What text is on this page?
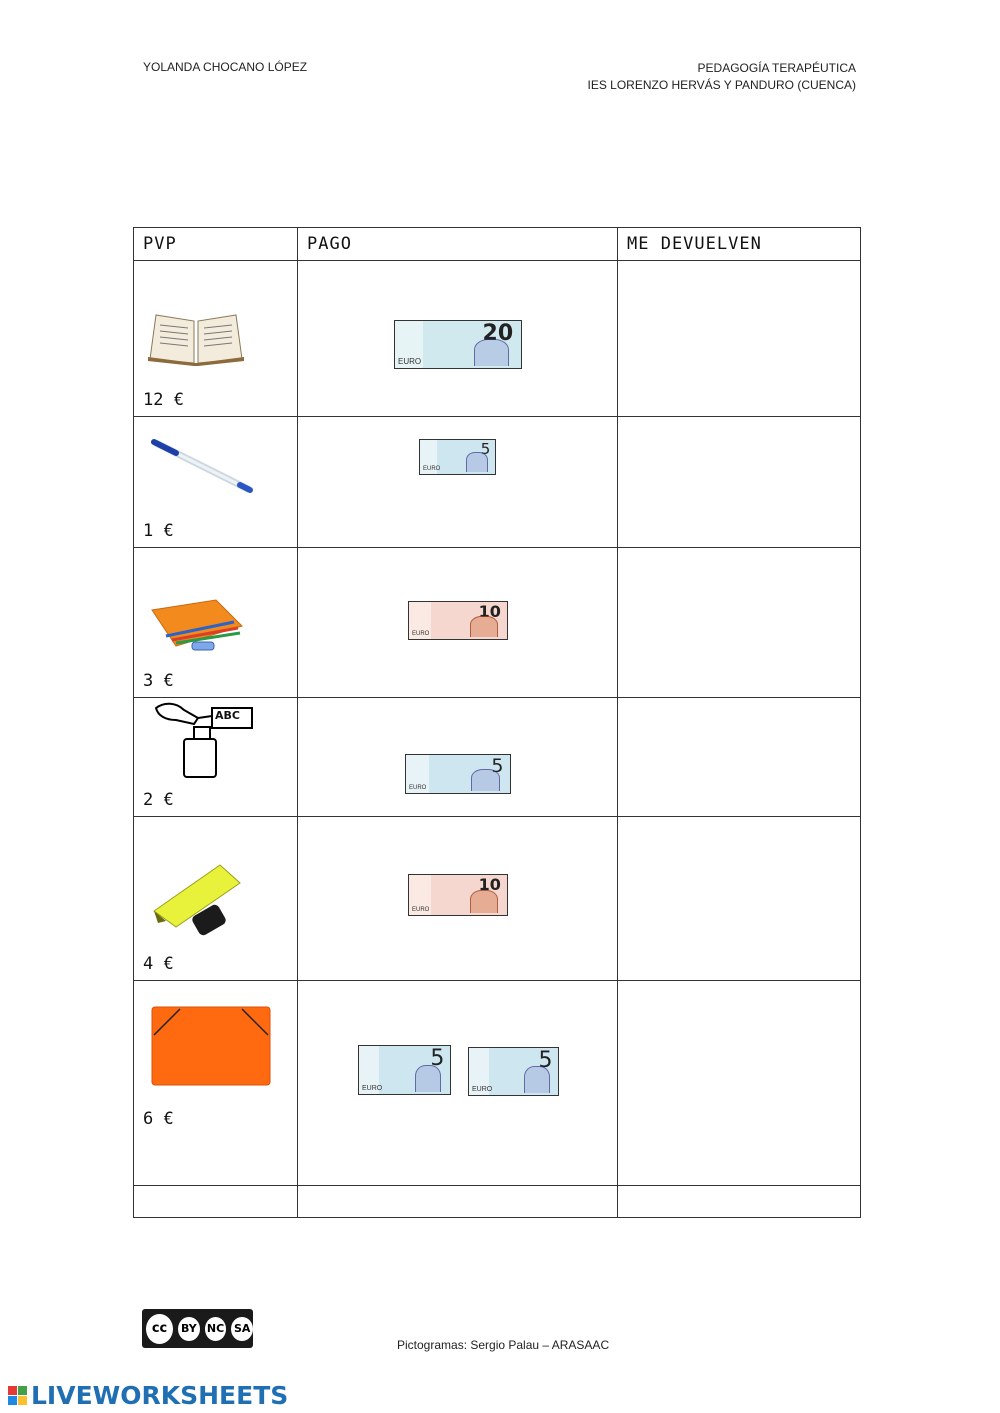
YOLANDA CHOCANO LÓPEZ	PEDAGOGÍA TERAPÉUTICA
IES LORENZO HERVÁS Y PANDURO (CUENCA)
PVP	PAGO	ME DEVUELVEN

12 €	20
EURO	

1 €	5
EURO	

3 €	10
EURO	

ABC
2 €	5
EURO	

4 €	10
EURO	

6 €	5
EURO
5
EURO	

cc	BY NC SA
Pictogramas: Sergio Palau – ARASAAC
LIVEWORKSHEETS
